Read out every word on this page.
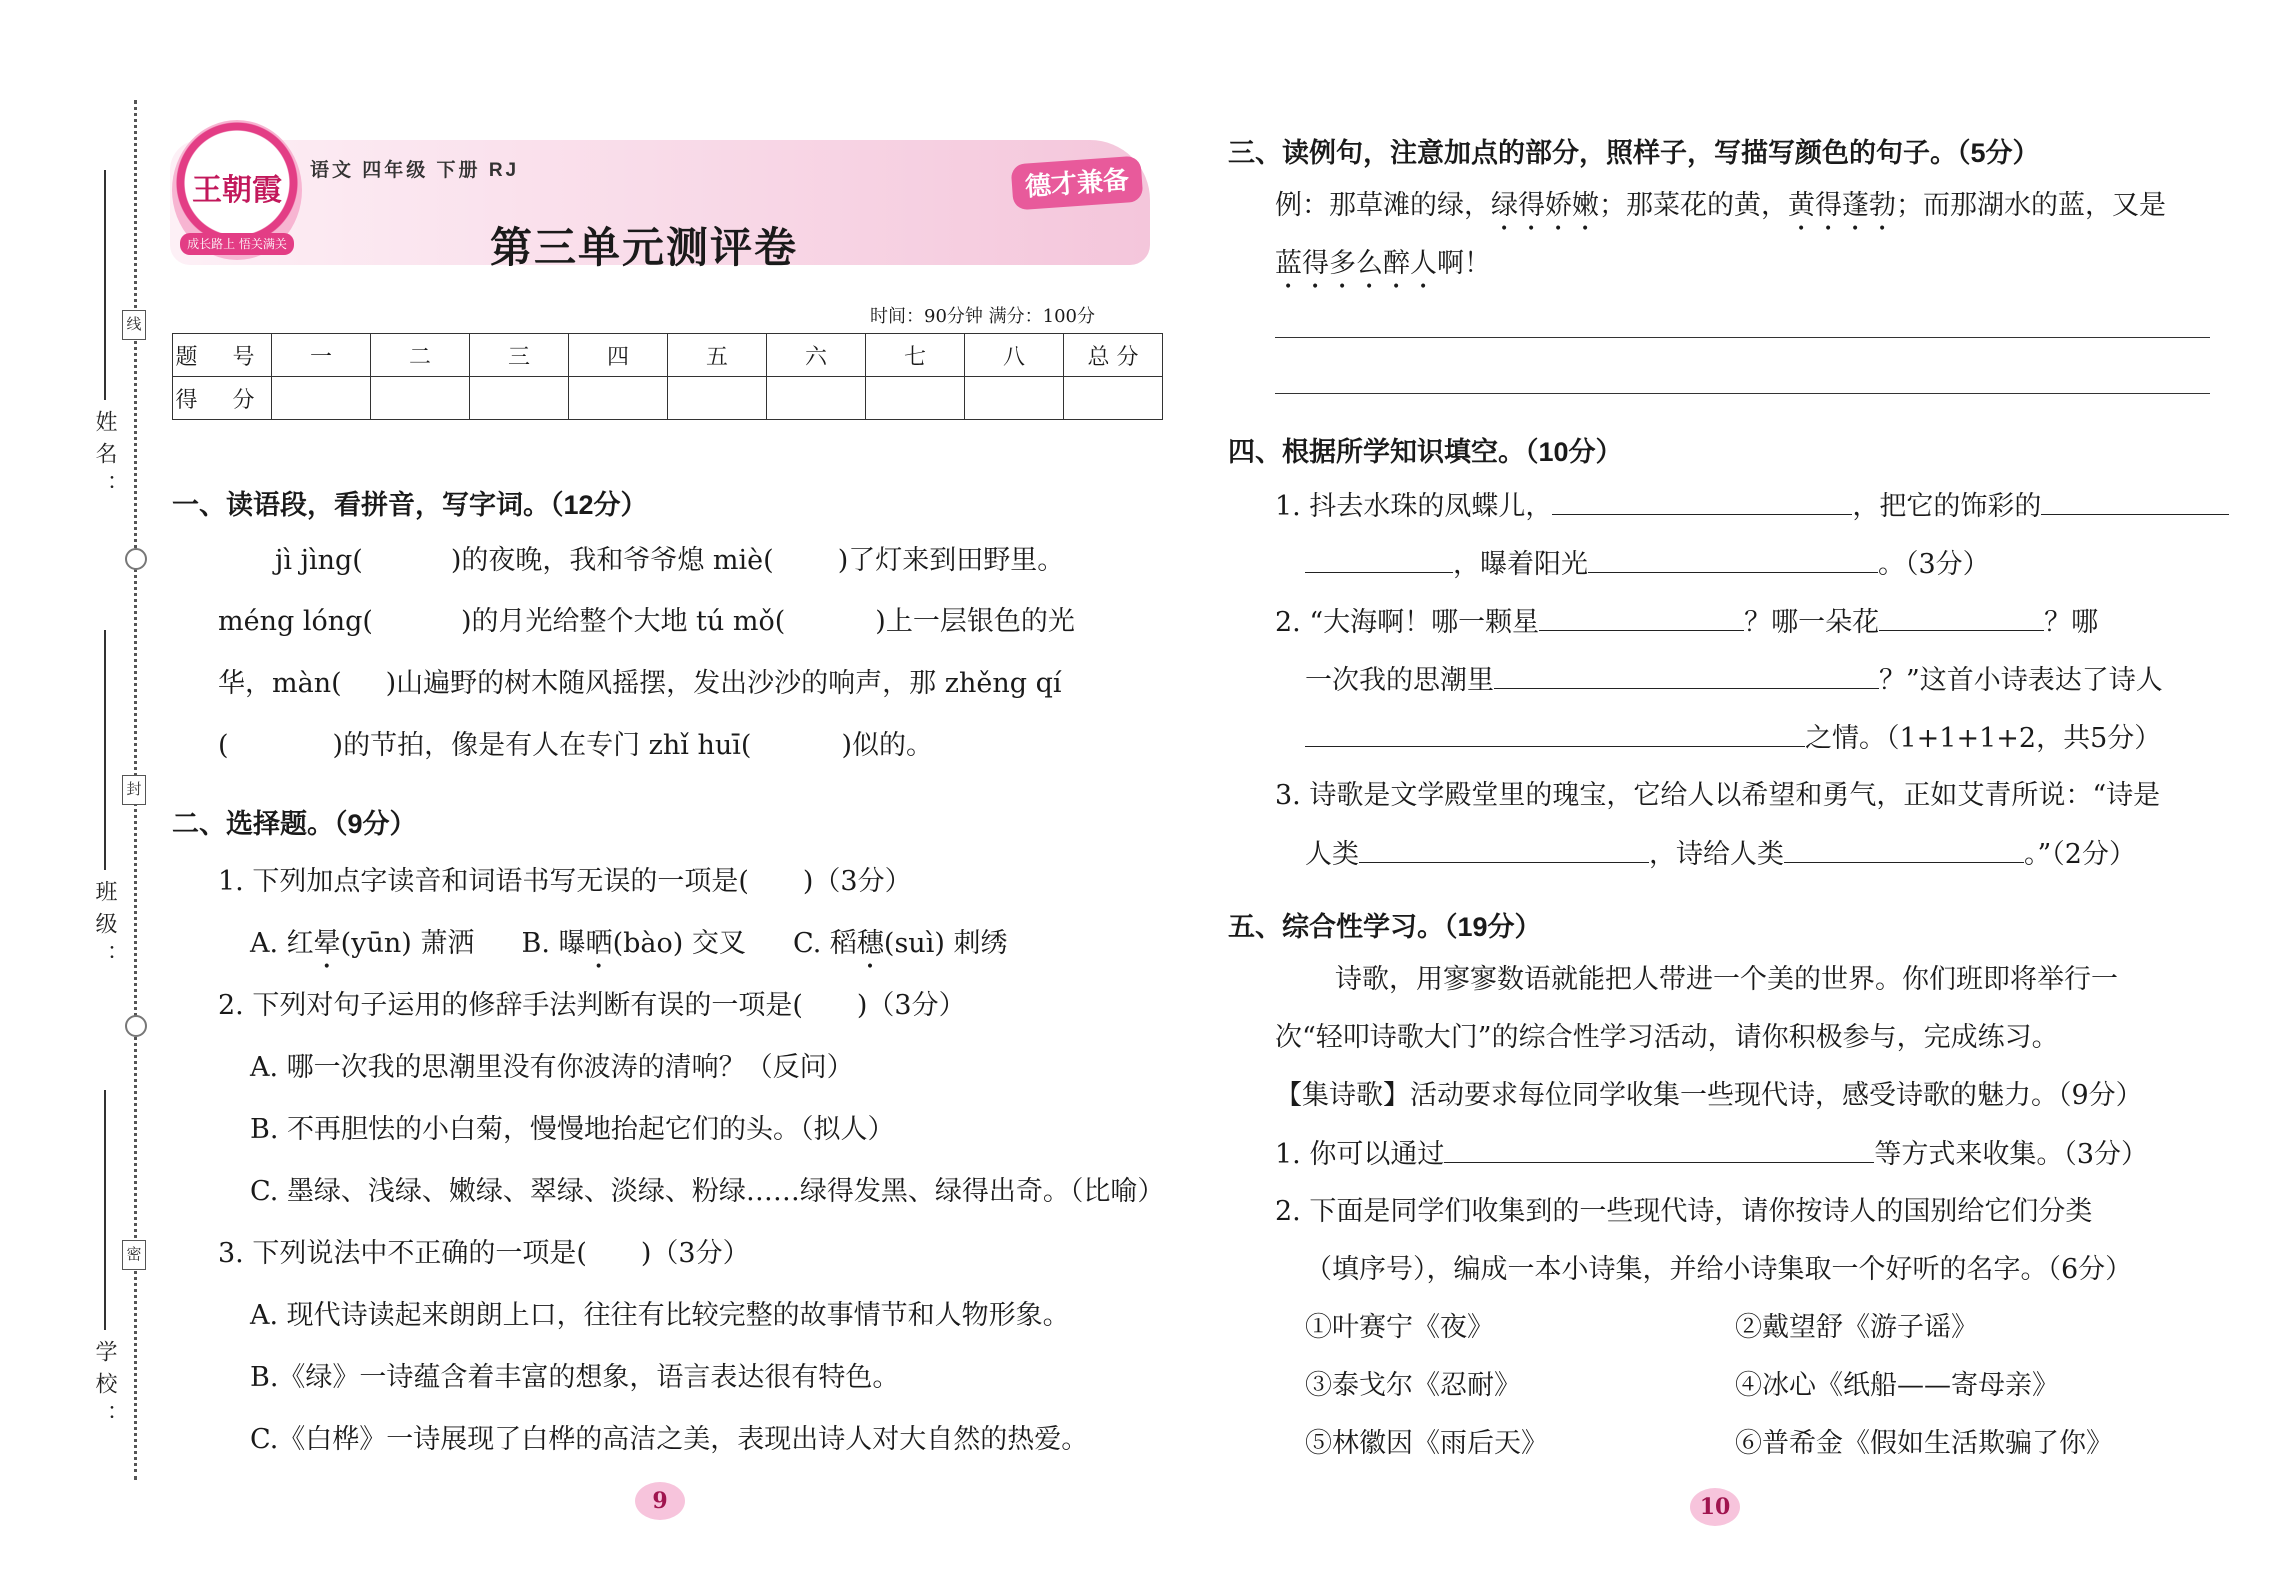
姓名：
班级：
学校：
线
封
密
王朝霞
成长路上 悟关满关
语文 四年级 下册 RJ	德才兼备
第三单元测评卷
时间：90分钟 满分：100分
题 号	一	二	三	四	五	六	七	八	总 分
得 分									
一、读语段，看拼音，写字词。（12分）
jì jìng(	)的夜晚，我和爷爷熄 miè( )了灯来到田野里。
méng lóng(	)的月光给整个大地 tú mǒ(	)上一层银色的光
华，màn( )山遍野的树木随风摇摆，发出沙沙的响声，那 zhěng qí
(	)的节拍，像是有人在专门 zhǐ huī(	)似的。
二、选择题。（9分）
1. 下列加点字读音和词语书写无误的一项是(　　)（3分）
A. 红晕(yūn) 萧洒 B. 曝晒(bào) 交叉 C. 稻穗(suì) 刺绣
2. 下列对句子运用的修辞手法判断有误的一项是(　　)（3分）
A. 哪一次我的思潮里没有你波涛的清响？（反问）
B. 不再胆怯的小白菊，慢慢地抬起它们的头。（拟人）
C. 墨绿、浅绿、嫩绿、翠绿、淡绿、粉绿……绿得发黑、绿得出奇。（比喻）
3. 下列说法中不正确的一项是(　　)（3分）
A. 现代诗读起来朗朗上口，往往有比较完整的故事情节和人物形象。
B.《绿》一诗蕴含着丰富的想象，语言表达很有特色。
C.《白桦》一诗展现了白桦的高洁之美，表现出诗人对大自然的热爱。
9
三、读例句，注意加点的部分，照样子，写描写颜色的句子。（5分）
例：那草滩的绿，绿得娇嫩；那菜花的黄，黄得蓬勃；而那湖水的蓝，又是
蓝得多么醉人啊！
四、根据所学知识填空。（10分）
1. 抖去水珠的凤蝶儿，	，把它的饰彩的
，曝着阳光	。（3分）
2. “大海啊！哪一颗星	？哪一朵花	？哪
一次我的思潮里	？”这首小诗表达了诗人
之情。（1+1+1+2，共5分）
3. 诗歌是文学殿堂里的瑰宝，它给人以希望和勇气，正如艾青所说：“诗是
人类	，诗给人类	。”（2分）
五、综合性学习。（19分）
诗歌，用寥寥数语就能把人带进一个美的世界。你们班即将举行一
次“轻叩诗歌大门”的综合性学习活动，请你积极参与，完成练习。
【集诗歌】活动要求每位同学收集一些现代诗，感受诗歌的魅力。（9分）
1. 你可以通过	等方式来收集。（3分）
2. 下面是同学们收集到的一些现代诗，请你按诗人的国别给它们分类
（填序号），编成一本小诗集，并给小诗集取一个好听的名字。（6分）
①叶赛宁《夜》	②戴望舒《游子谣》
③泰戈尔《忍耐》	④冰心《纸船——寄母亲》
⑤林徽因《雨后天》	⑥普希金《假如生活欺骗了你》
10
